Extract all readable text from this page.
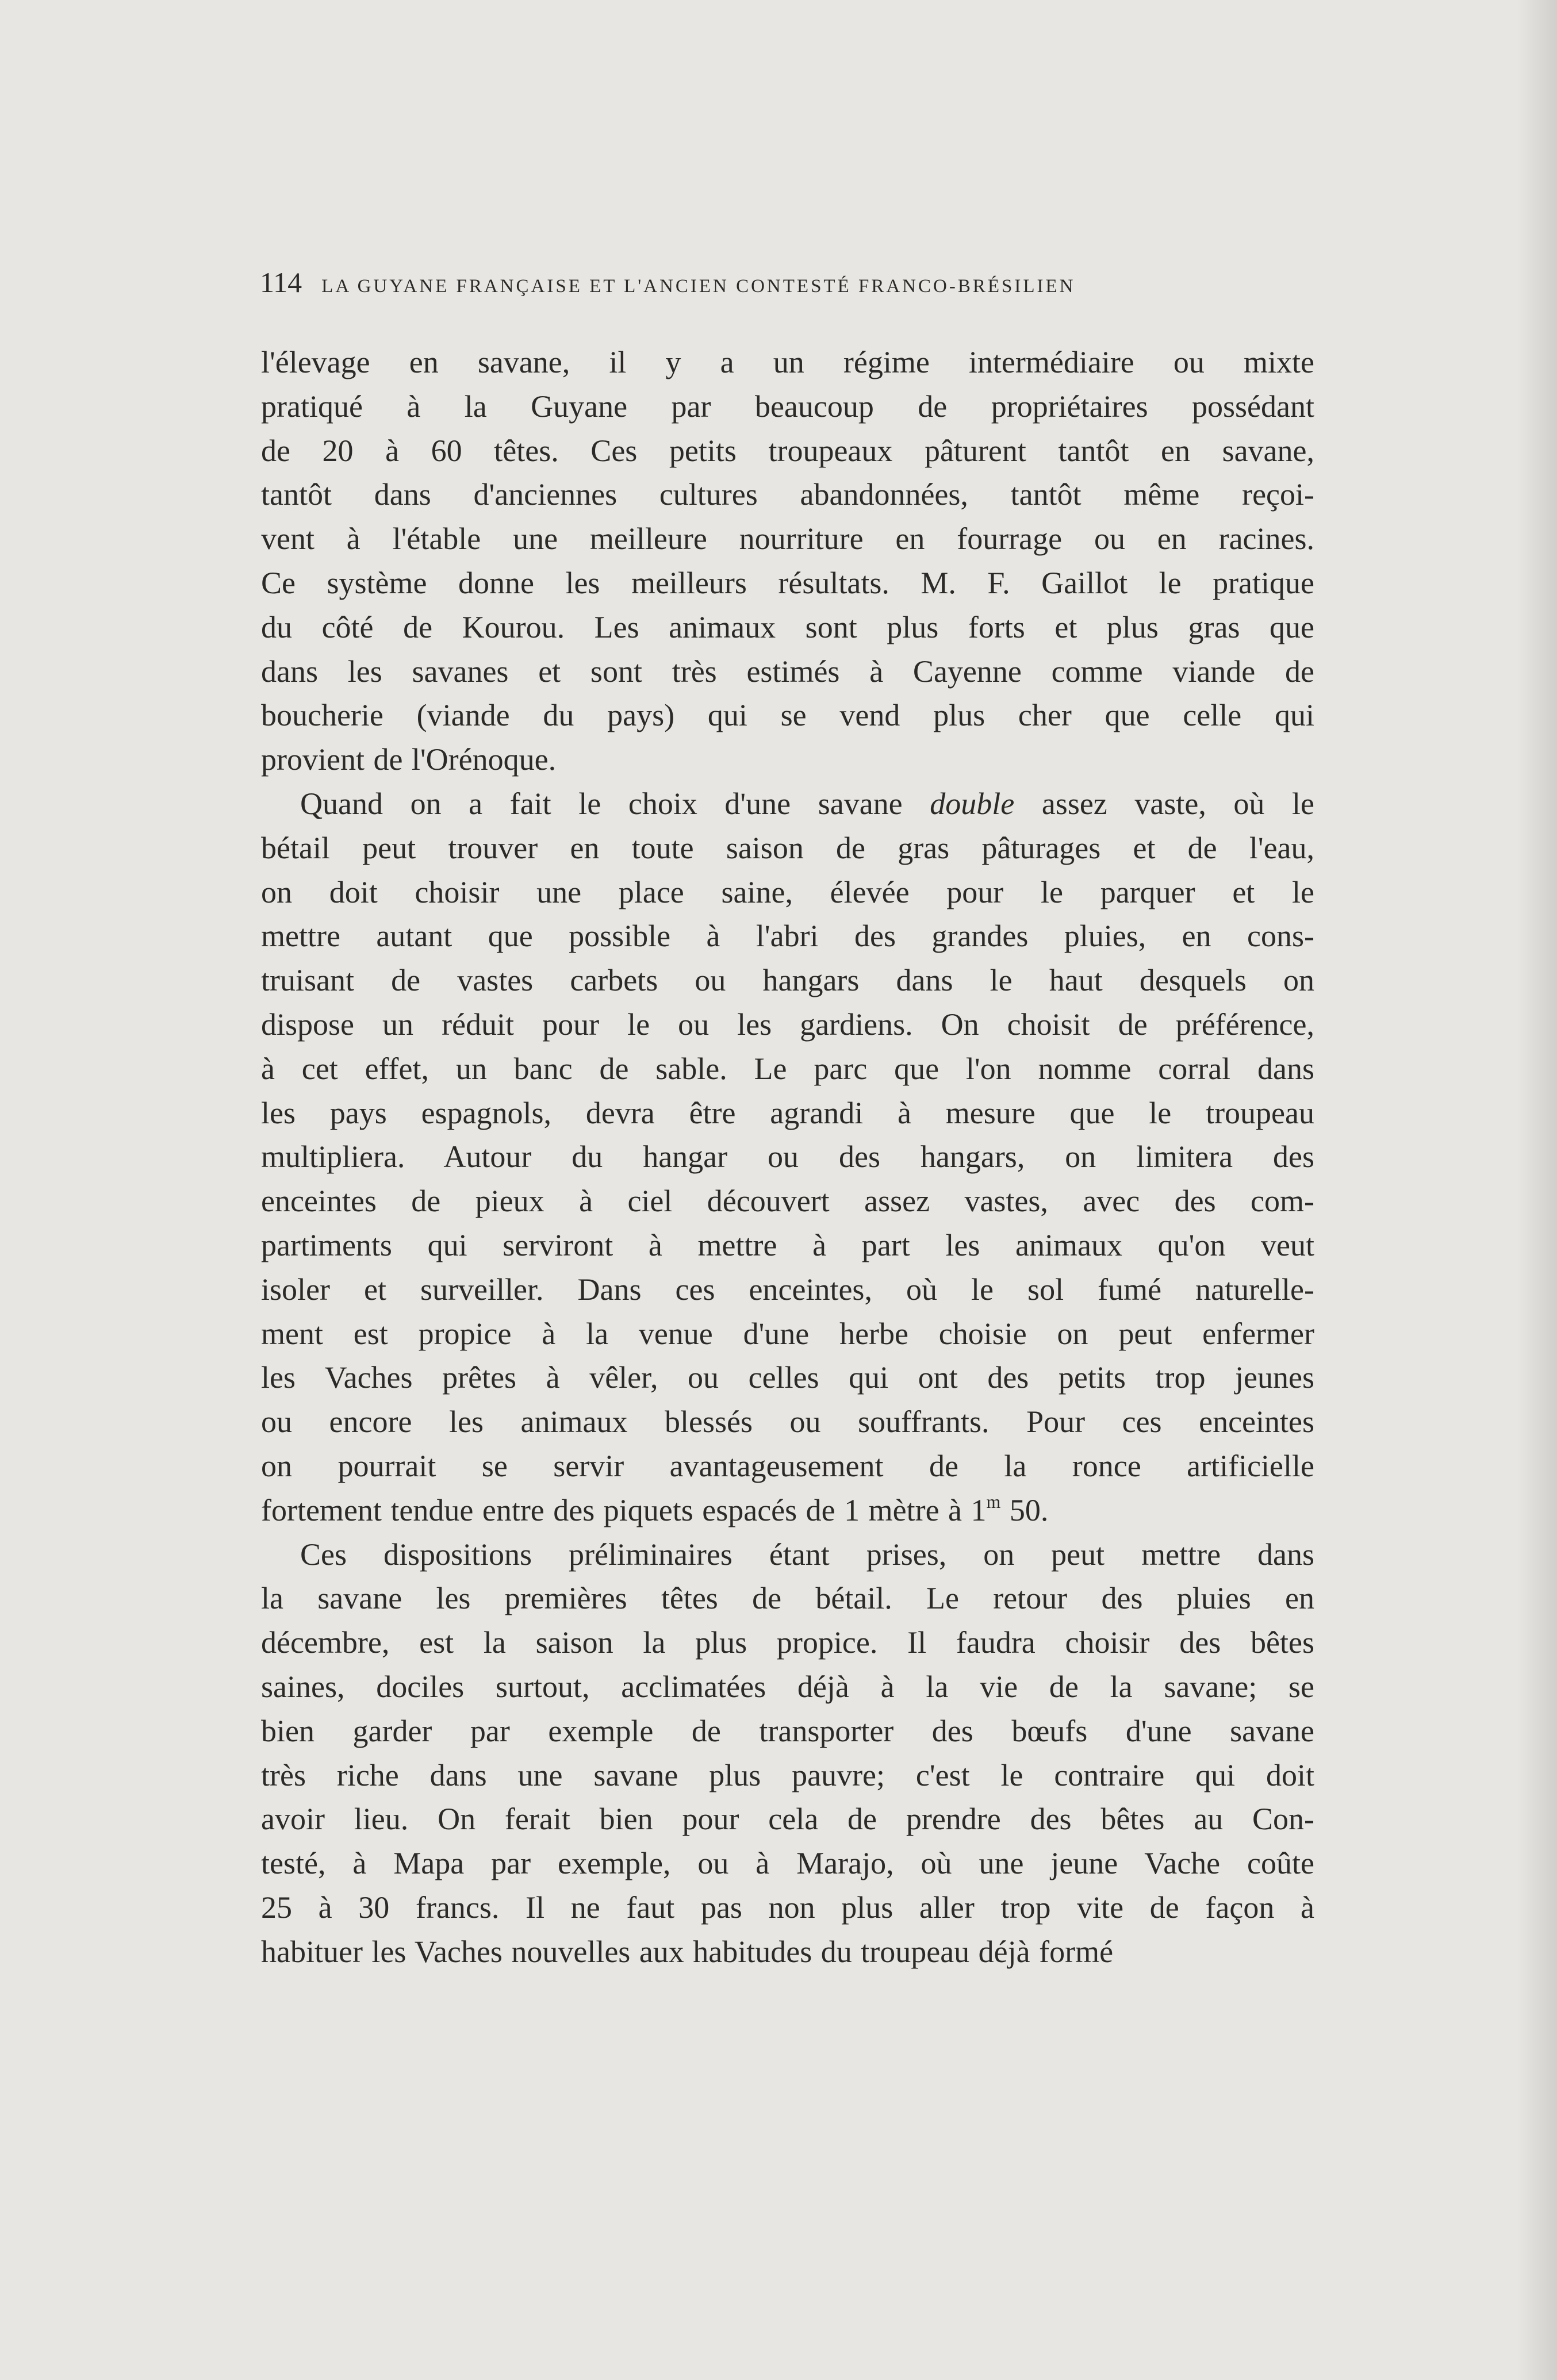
114 LA GUYANE FRANÇAISE ET L'ANCIEN CONTESTÉ FRANCO-BRÉSILIEN
l'élevage en savane, il y a un régime intermédiaire ou mixte
pratiqué à la Guyane par beaucoup de propriétaires possédant
de 20 à 60 têtes. Ces petits troupeaux pâturent tantôt en savane,
tantôt dans d'anciennes cultures abandonnées, tantôt même reçoi-
vent à l'étable une meilleure nourriture en fourrage ou en racines.
Ce système donne les meilleurs résultats. M. F. Gaillot le pratique
du côté de Kourou. Les animaux sont plus forts et plus gras que
dans les savanes et sont très estimés à Cayenne comme viande de
boucherie (viande du pays) qui se vend plus cher que celle qui
provient de l'Orénoque.
Quand on a fait le choix d'une savane double assez vaste, où le
bétail peut trouver en toute saison de gras pâturages et de l'eau,
on doit choisir une place saine, élevée pour le parquer et le
mettre autant que possible à l'abri des grandes pluies, en cons-
truisant de vastes carbets ou hangars dans le haut desquels on
dispose un réduit pour le ou les gardiens. On choisit de préférence,
à cet effet, un banc de sable. Le parc que l'on nomme corral dans
les pays espagnols, devra être agrandi à mesure que le troupeau
multipliera. Autour du hangar ou des hangars, on limitera des
enceintes de pieux à ciel découvert assez vastes, avec des com-
partiments qui serviront à mettre à part les animaux qu'on veut
isoler et surveiller. Dans ces enceintes, où le sol fumé naturelle-
ment est propice à la venue d'une herbe choisie on peut enfermer
les Vaches prêtes à vêler, ou celles qui ont des petits trop jeunes
ou encore les animaux blessés ou souffrants. Pour ces enceintes
on pourrait se servir avantageusement de la ronce artificielle
fortement tendue entre des piquets espacés de 1 mètre à 1$^m$ 50.
Ces dispositions préliminaires étant prises, on peut mettre dans
la savane les premières têtes de bétail. Le retour des pluies en
décembre, est la saison la plus propice. Il faudra choisir des bêtes
saines, dociles surtout, acclimatées déjà à la vie de la savane; se
bien garder par exemple de transporter des bœufs d'une savane
très riche dans une savane plus pauvre; c'est le contraire qui doit
avoir lieu. On ferait bien pour cela de prendre des bêtes au Con-
testé, à Mapa par exemple, ou à Marajo, où une jeune Vache coûte
25 à 30 francs. Il ne faut pas non plus aller trop vite de façon à
habituer les Vaches nouvelles aux habitudes du troupeau déjà formé
